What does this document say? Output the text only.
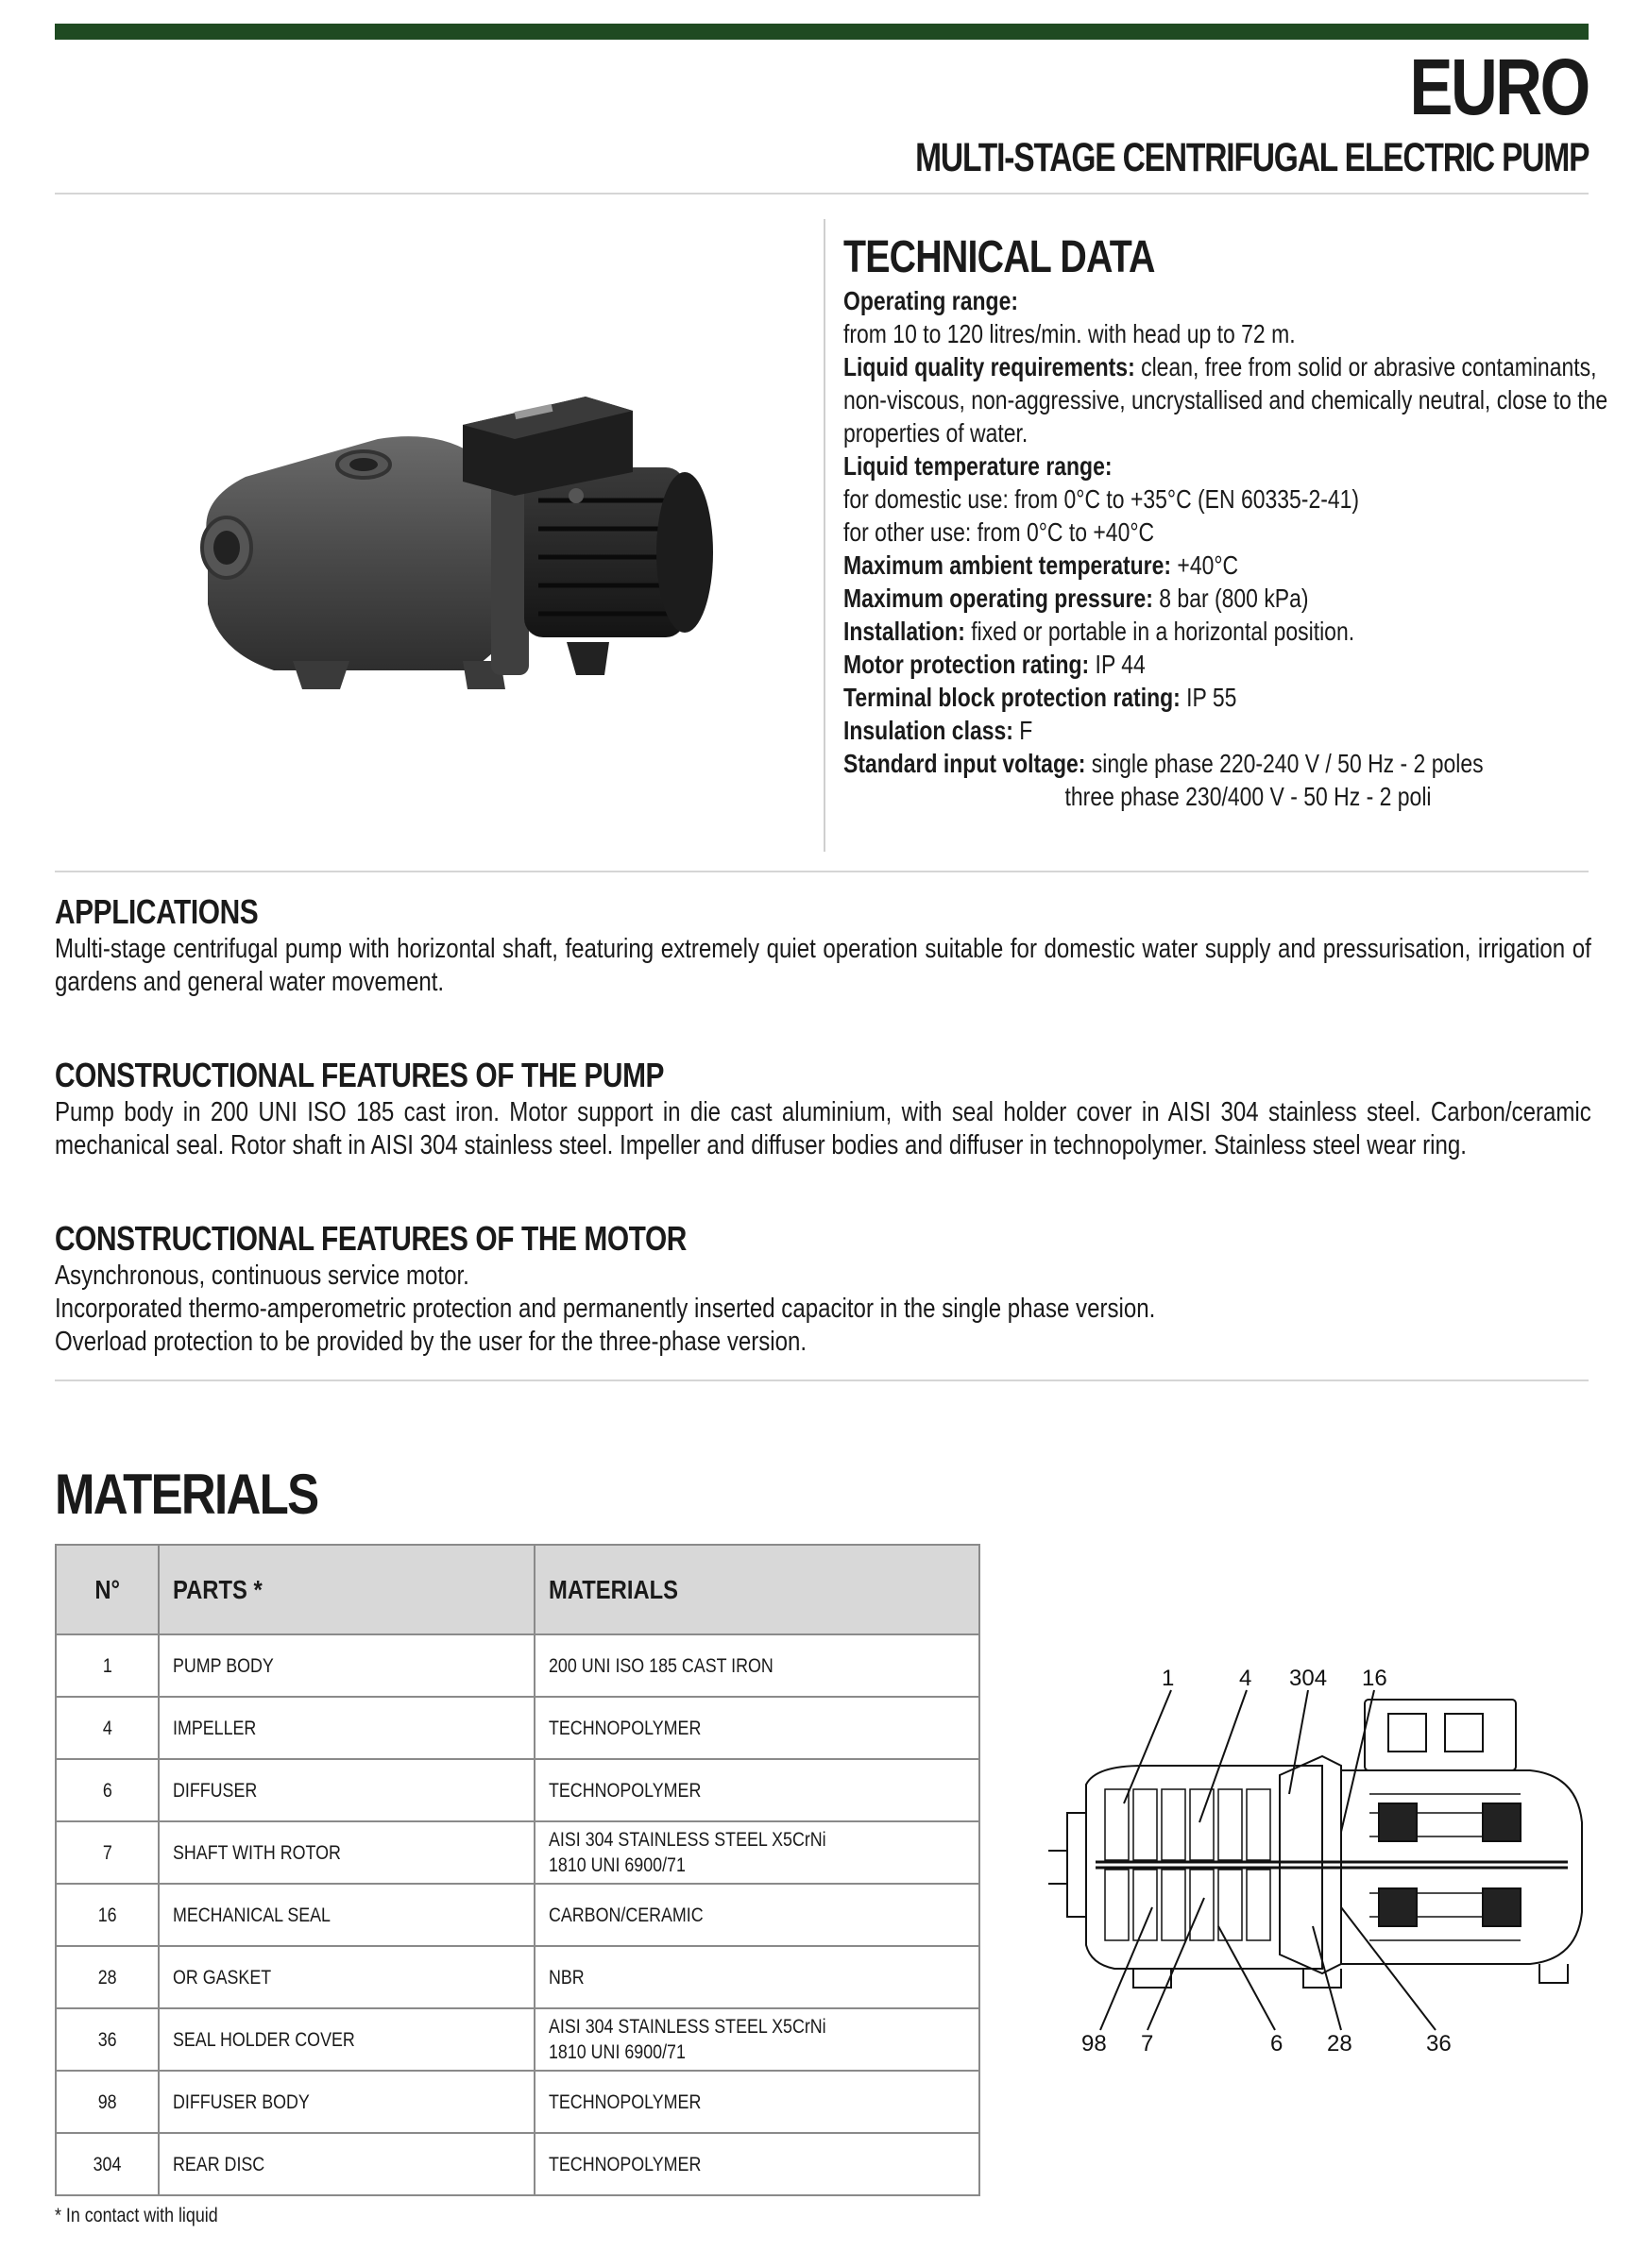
EURO
MULTI-STAGE CENTRIFUGAL ELECTRIC PUMP
TECHNICAL DATA

Operating range:

from 10 to 120 litres/min. with head up to 72 m.

Liquid quality requirements: clean, free from solid or abrasive contaminants,

non-viscous, non-aggressive, uncrystallised and chemically neutral, close to the

properties of water.

Liquid temperature range:

for domestic use: from 0°C to +35°C (EN 60335-2-41)

for other use: from 0°C to +40°C

Maximum ambient temperature: +40°C

Maximum operating pressure: 8 bar (800 kPa)

Installation: fixed or portable in a horizontal position.

Motor protection rating: IP 44

Terminal block protection rating: IP 55

Insulation class: F

Standard input voltage: single phase 220-240 V / 50 Hz - 2 poles

three phase 230/400 V - 50 Hz - 2 poli

APPLICATIONS

Multi-stage centrifugal pump with horizontal shaft, featuring extremely quiet operation suitable for domestic water supply and pressurisation, irrigation of gardens and general water movement.

CONSTRUCTIONAL FEATURES OF THE PUMP

Pump body in 200 UNI ISO 185 cast iron. Motor support in die cast aluminium, with seal holder cover in AISI 304 stainless steel. Carbon/ceramic mechanical seal. Rotor shaft in AISI 304 stainless steel. Impeller and diffuser bodies and diffuser in technopolymer. Stainless steel wear ring.

CONSTRUCTIONAL FEATURES OF THE MOTOR

Asynchronous, continuous service motor.

Incorporated thermo-amperometric protection and permanently inserted capacitor in the single phase version.

Overload protection to be provided by the user for the three-phase version.

MATERIALS
N°	PARTS *	MATERIALS
1	PUMP BODY	200 UNI ISO 185 CAST IRON
4	IMPELLER	TECHNOPOLYMER
6	DIFFUSER	TECHNOPOLYMER
7	SHAFT WITH ROTOR	AISI 304 STAINLESS STEEL X5CrNi 1810 UNI 6900/71
16	MECHANICAL SEAL	CARBON/CERAMIC
28	OR GASKET	NBR
36	SEAL HOLDER COVER	AISI 304 STAINLESS STEEL X5CrNi 1810 UNI 6900/71
98	DIFFUSER BODY	TECHNOPOLYMER
304	REAR DISC	TECHNOPOLYMER
* In contact with liquid
1	4 304 16
98 7	6 28	36
